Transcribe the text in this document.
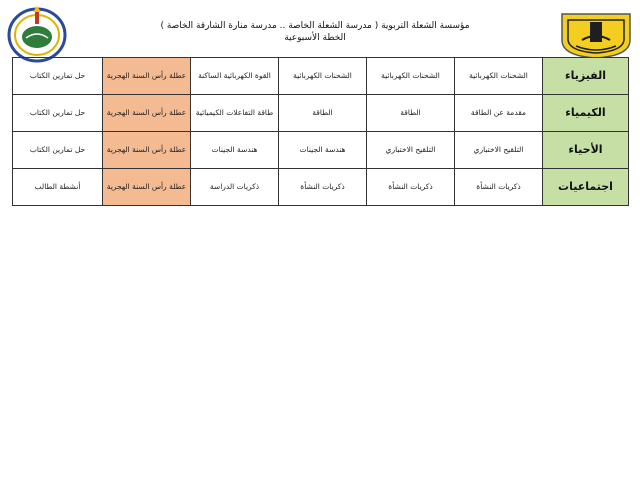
مؤسسة الشعلة التربوية ( مدرسة الشعلة الخاصة .. مدرسة منارة الشارقة الخاصة )
الخطة الأسبوعية
الفيزياء	الشحنات الكهربائية	الشحنات الكهربائية	الشحنات الكهربائية	القوة الكهربائية الساكنة	عطلة رأس السنة الهجرية	حل تمارين الكتاب
الكيمياء	مقدمة عن الطاقة	الطاقة	الطاقة	طاقة التفاعلات الكيميائية	عطلة رأس السنة الهجرية	حل تمارين الكتاب
الأحياء	التلقيح الاختباري	التلقيح الاختباري	هندسة الجينات	هندسة الجينات	عطلة رأس السنة الهجرية	حل تمارين الكتاب
اجتماعيات	ذكريات النشأة	ذكريات النشأة	ذكريات النشأة	ذكريات الدراسة	عطلة رأس السنة الهجرية	أنشطة الطالب
